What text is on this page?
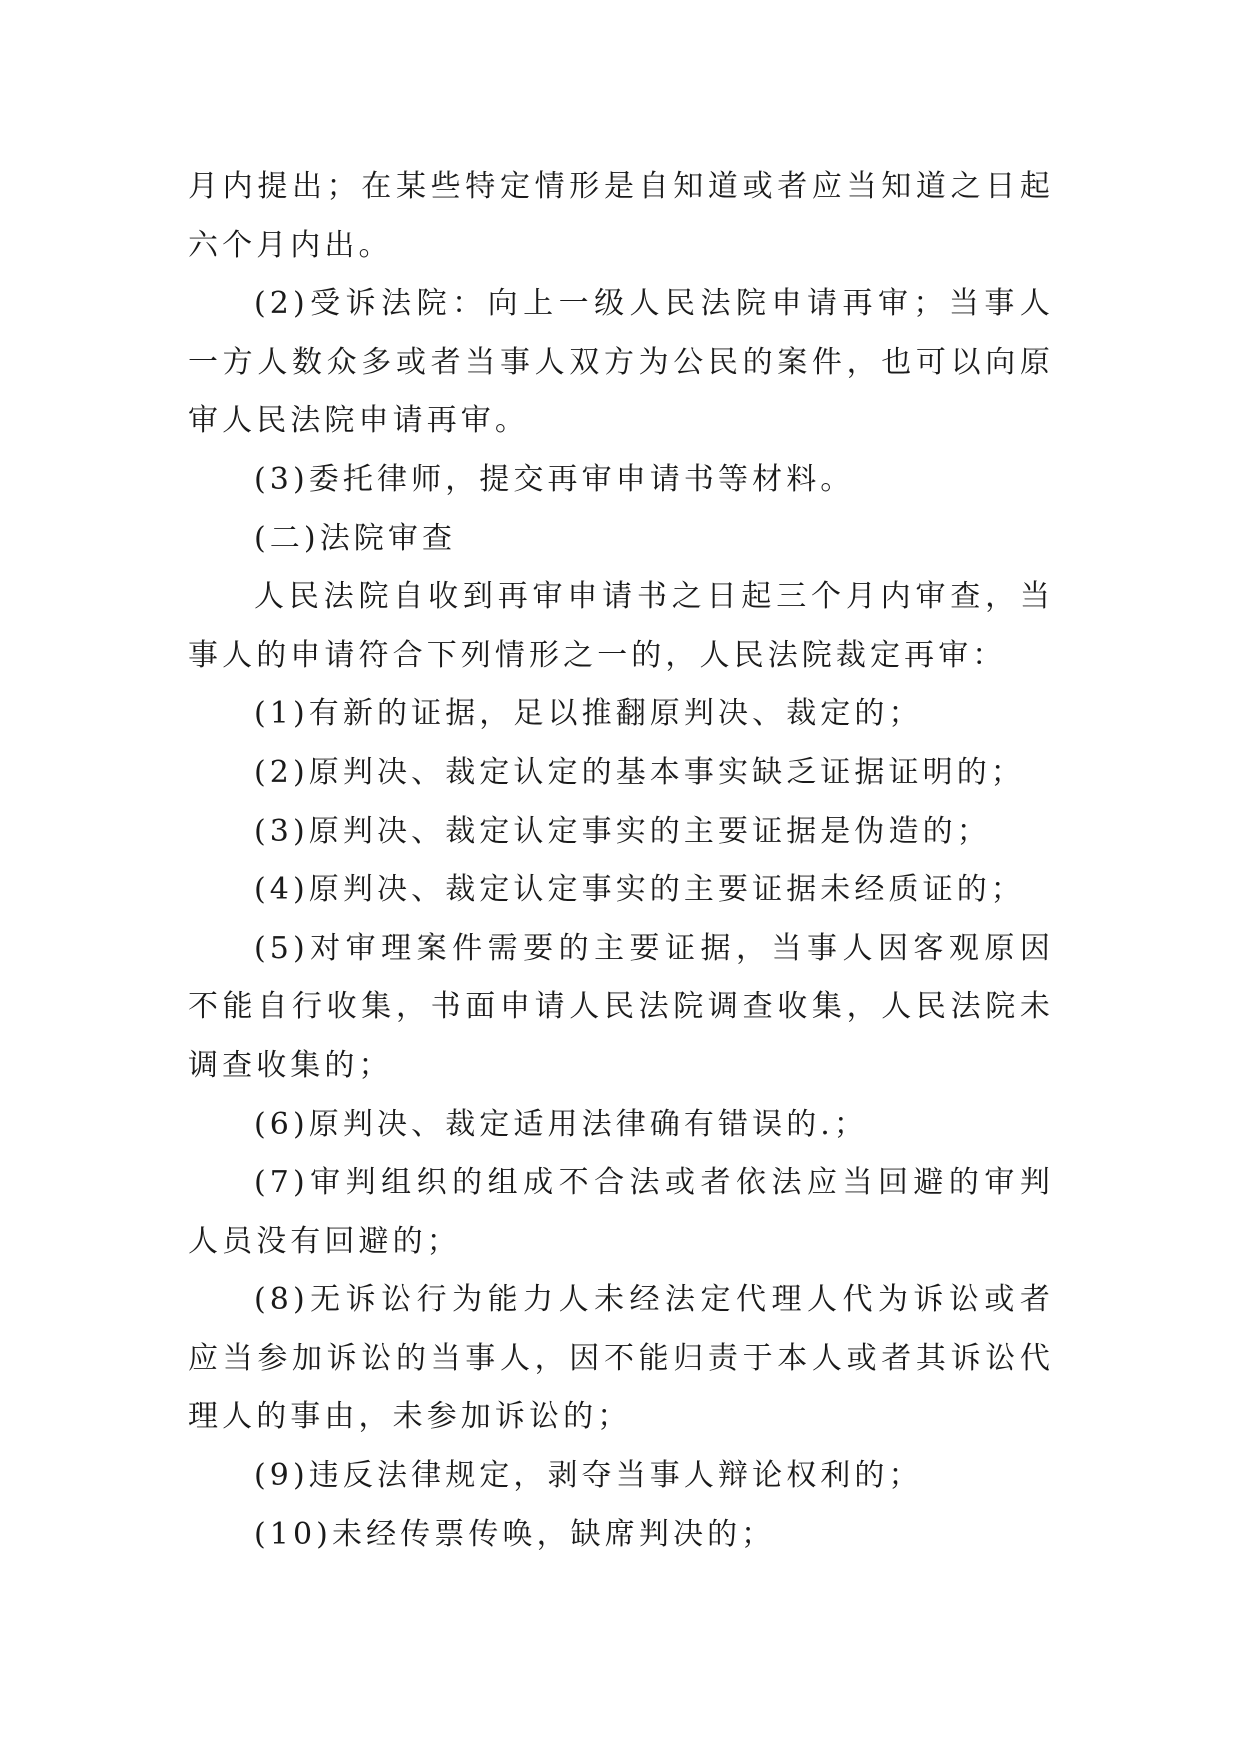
月内提出；在某些特定情形是自知道或者应当知道之日起六个月内出。

(2)受诉法院：向上一级人民法院申请再审；当事人一方人数众多或者当事人双方为公民的案件，也可以向原审人民法院申请再审。

(3)委托律师，提交再审申请书等材料。

(二)法院审查

人民法院自收到再审申请书之日起三个月内审查，当事人的申请符合下列情形之一的，人民法院裁定再审：

(1)有新的证据，足以推翻原判决、裁定的；

(2)原判决、裁定认定的基本事实缺乏证据证明的；

(3)原判决、裁定认定事实的主要证据是伪造的；

(4)原判决、裁定认定事实的主要证据未经质证的；

(5)对审理案件需要的主要证据，当事人因客观原因不能自行收集，书面申请人民法院调查收集，人民法院未调查收集的；

(6)原判决、裁定适用法律确有错误的.；

(7)审判组织的组成不合法或者依法应当回避的审判人员没有回避的；

(8)无诉讼行为能力人未经法定代理人代为诉讼或者应当参加诉讼的当事人，因不能归责于本人或者其诉讼代理人的事由，未参加诉讼的；

(9)违反法律规定，剥夺当事人辩论权利的；

(10)未经传票传唤，缺席判决的；
